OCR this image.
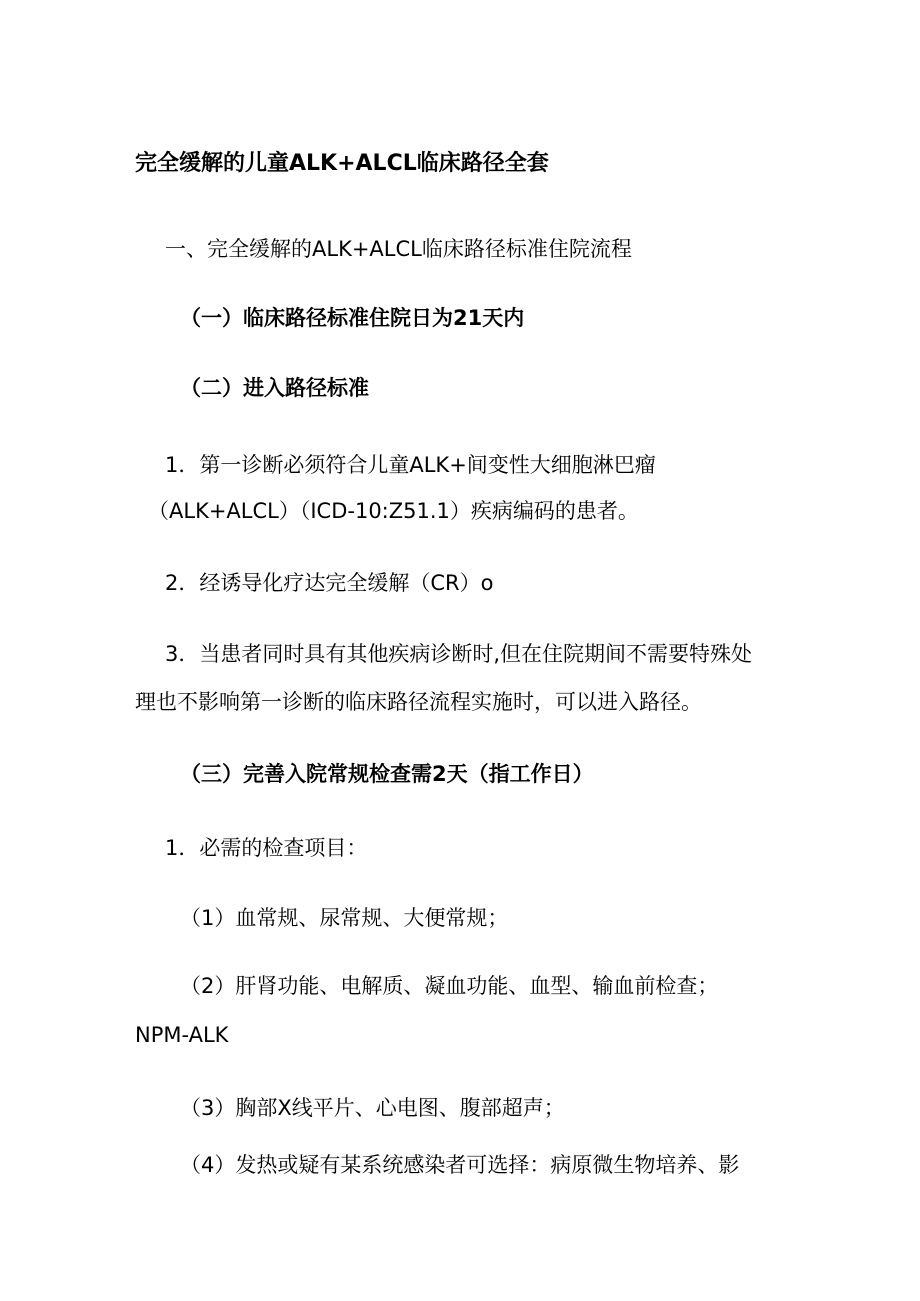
完全缓解的儿童ALK+ALCL临床路径全套
一、完全缓解的ALK+ALCL临床路径标准住院流程
（一）临床路径标准住院日为21天内
（二）进入路径标准
1．第一诊断必须符合儿童ALK+间变性大细胞淋巴瘤
（ALK+ALCL）（ICD-10:Z51.1）疾病编码的患者。
2．经诱导化疗达完全缓解（CR）o
3．当患者同时具有其他疾病诊断时,但在住院期间不需要特殊处
理也不影响第一诊断的临床路径流程实施时，可以进入路径。
（三）完善入院常规检查需2天（指工作日）
1．必需的检查项目：
（1）血常规、尿常规、大便常规；
（2）肝肾功能、电解质、凝血功能、血型、输血前检查；
NPM-ALK
（3）胸部X线平片、心电图、腹部超声；
（4）发热或疑有某系统感染者可选择：病原微生物培养、影
